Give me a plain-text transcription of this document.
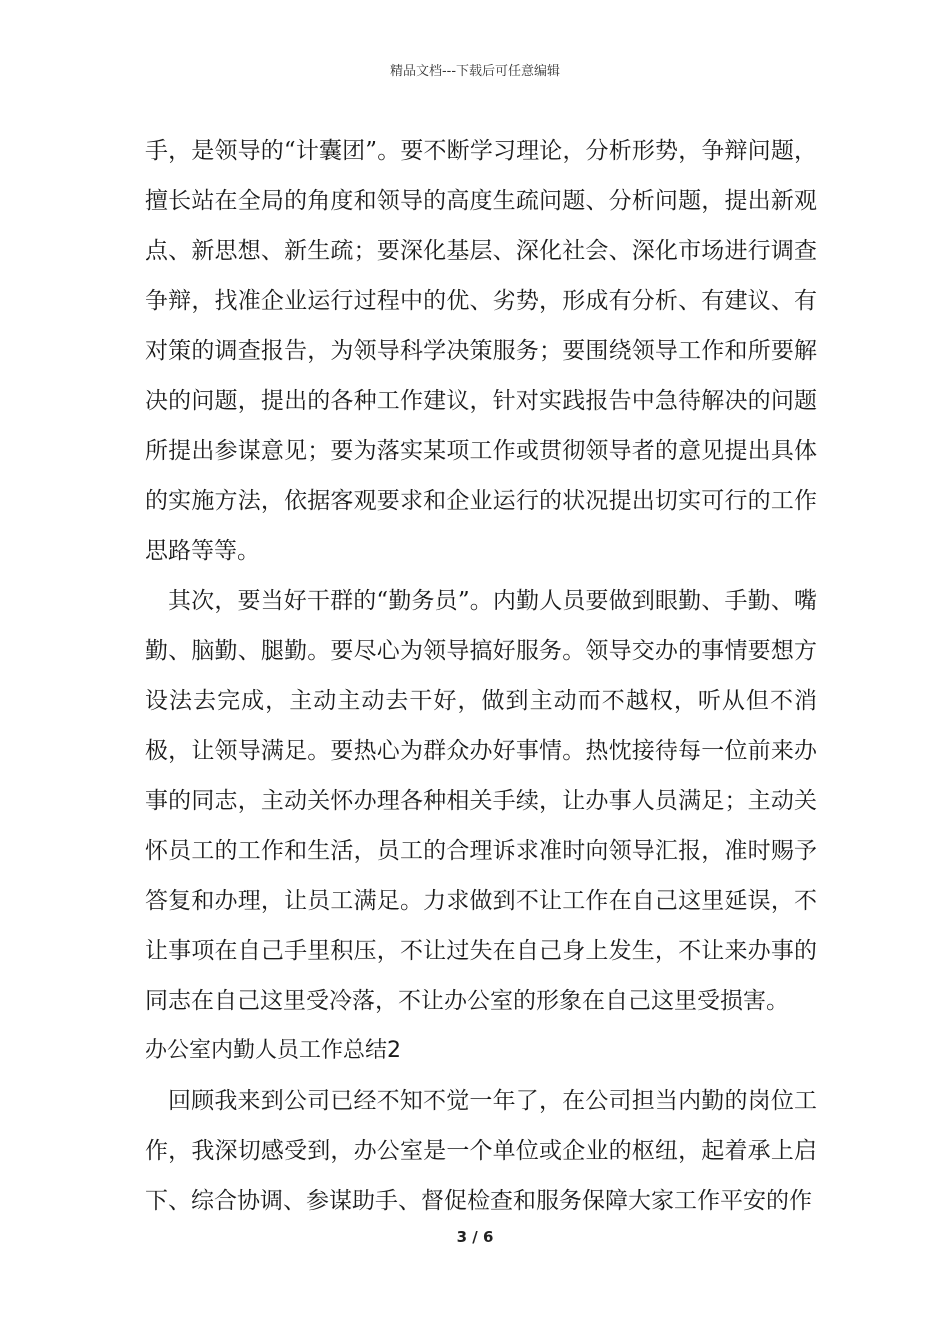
精品文档---下载后可任意编辑

手，是领导的“计囊团”。要不断学习理论，分析形势，争辩问题，擅长站在全局的角度和领导的高度生疏问题、分析问题，提出新观点、新思想、新生疏；要深化基层、深化社会、深化市场进行调查争辩，找准企业运行过程中的优、劣势，形成有分析、有建议、有对策的调查报告，为领导科学决策服务；要围绕领导工作和所要解决的问题，提出的各种工作建议，针对实践报告中急待解决的问题所提出参谋意见；要为落实某项工作或贯彻领导者的意见提出具体的实施方法，依据客观要求和企业运行的状况提出切实可行的工作思路等等。

其次，要当好干群的“勤务员”。内勤人员要做到眼勤、手勤、嘴勤、脑勤、腿勤。要尽心为领导搞好服务。领导交办的事情要想方设法去完成，主动主动去干好，做到主动而不越权，听从但不消极，让领导满足。要热心为群众办好事情。热忱接待每一位前来办事的同志，主动关怀办理各种相关手续，让办事人员满足；主动关怀员工的工作和生活，员工的合理诉求准时向领导汇报，准时赐予答复和办理，让员工满足。力求做到不让工作在自己这里延误，不让事项在自己手里积压，不让过失在自己身上发生，不让来办事的同志在自己这里受冷落，不让办公室的形象在自己这里受损害。

办公室内勤人员工作总结2

回顾我来到公司已经不知不觉一年了，在公司担当内勤的岗位工作，我深切感受到，办公室是一个单位或企业的枢纽，起着承上启下、综合协调、参谋助手、督促检查和服务保障大家工作平安的作

3 / 6
